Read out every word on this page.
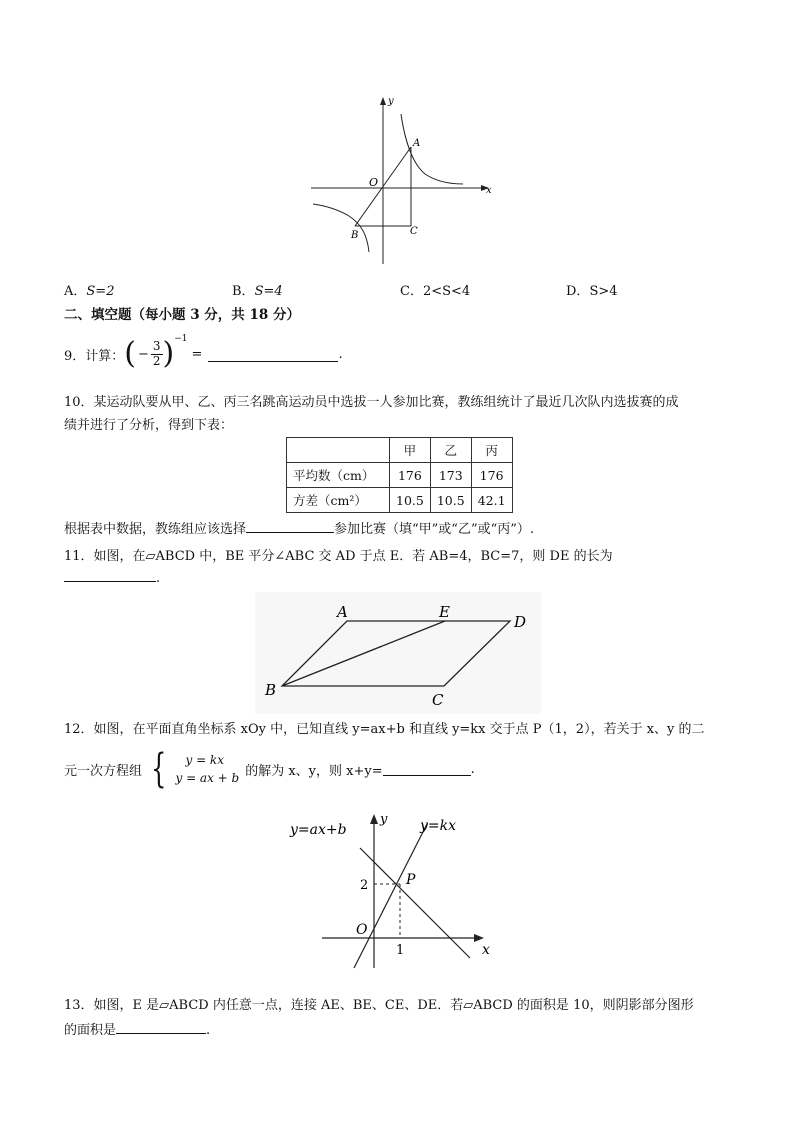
x
y
O
A
B	C
A．S=2	B．S=4	C．2<S<4	D．S>4
二、填空题（每小题 3 分，共 18 分）
9．计算： ( − $\frac{3}{2}$ ) −1
=	.
10．某运动队要从甲、乙、丙三名跳高运动员中选拔一人参加比赛，教练组统计了最近几次队内选拔赛的成
绩并进行了分析，得到下表：
	甲	乙	丙
平均数（cm）	176	173	176
方差（cm²）	10.5	10.5	42.1
根据表中数据，教练组应该选择	参加比赛（填“甲”或“乙”或“丙”）.
11．如图，在▱ABCD 中，BE 平分∠ABC 交 AD 于点 E．若 AB=4，BC=7，则 DE 的长为
.
A	E
D
B
C
12．如图，在平面直角坐标系 xOy 中，已知直线 y=ax+b 和直线 y=kx 交于点 P（1，2），若关于 x、y 的二
元一次方程组 {	y = kx
y = ax + b 的解为 x、y，则 x+y=	.
y=ax+b	y=kx
y
x
O
P
2
1
13．如图，E 是▱ABCD 内任意一点，连接 AE、BE、CE、DE．若▱ABCD 的面积是 10，则阴影部分图形
的面积是	.
